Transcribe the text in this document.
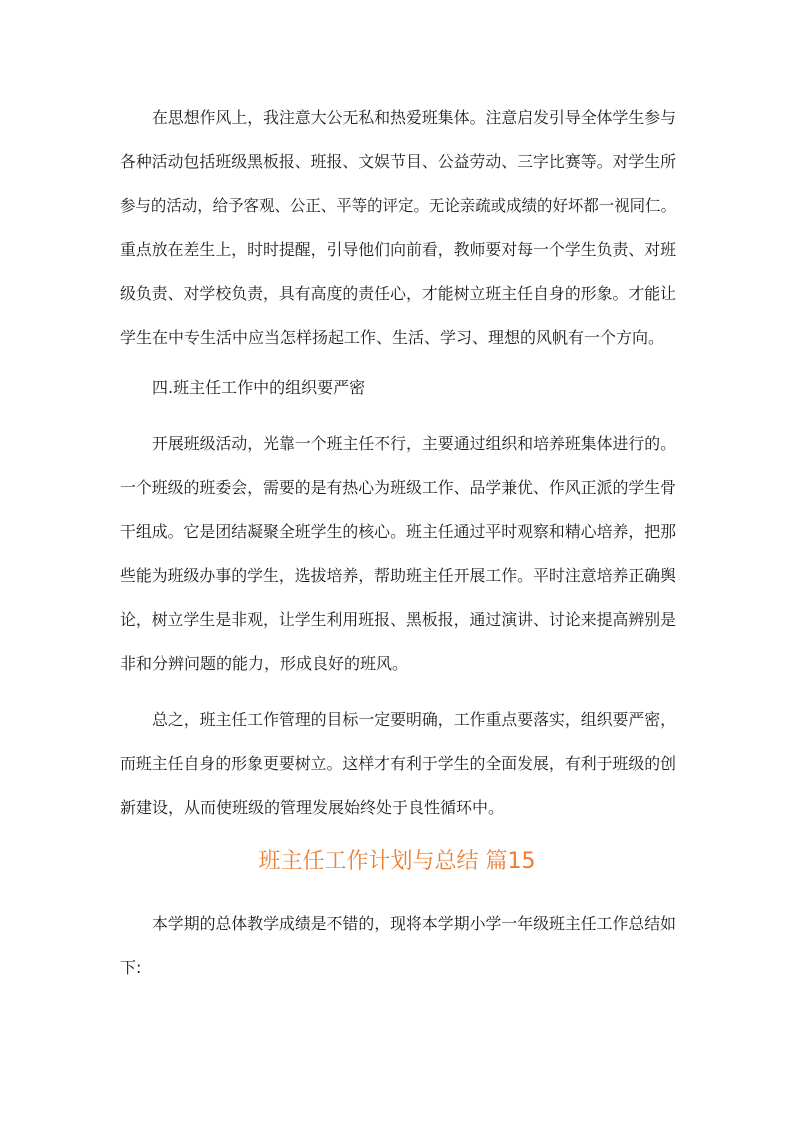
在思想作风上，我注意大公无私和热爱班集体。注意启发引导全体学生参与
各种活动包括班级黑板报、班报、文娱节目、公益劳动、三字比赛等。对学生所
参与的活动，给予客观、公正、平等的评定。无论亲疏或成绩的好坏都一视同仁。
重点放在差生上，时时提醒，引导他们向前看，教师要对每一个学生负责、对班
级负责、对学校负责，具有高度的责任心，才能树立班主任自身的形象。才能让
学生在中专生活中应当怎样扬起工作、生活、学习、理想的风帆有一个方向。
四.班主任工作中的组织要严密
开展班级活动，光靠一个班主任不行，主要通过组织和培养班集体进行的。
一个班级的班委会，需要的是有热心为班级工作、品学兼优、作风正派的学生骨
干组成。它是团结凝聚全班学生的核心。班主任通过平时观察和精心培养，把那
些能为班级办事的学生，选拔培养，帮助班主任开展工作。平时注意培养正确舆
论，树立学生是非观，让学生利用班报、黑板报，通过演讲、讨论来提高辨别是
非和分辨问题的能力，形成良好的班风。
总之，班主任工作管理的目标一定要明确，工作重点要落实，组织要严密，
而班主任自身的形象更要树立。这样才有利于学生的全面发展，有利于班级的创
新建设，从而使班级的管理发展始终处于良性循环中。
班主任工作计划与总结 篇15
本学期的总体教学成绩是不错的，现将本学期小学一年级班主任工作总结如
下:
